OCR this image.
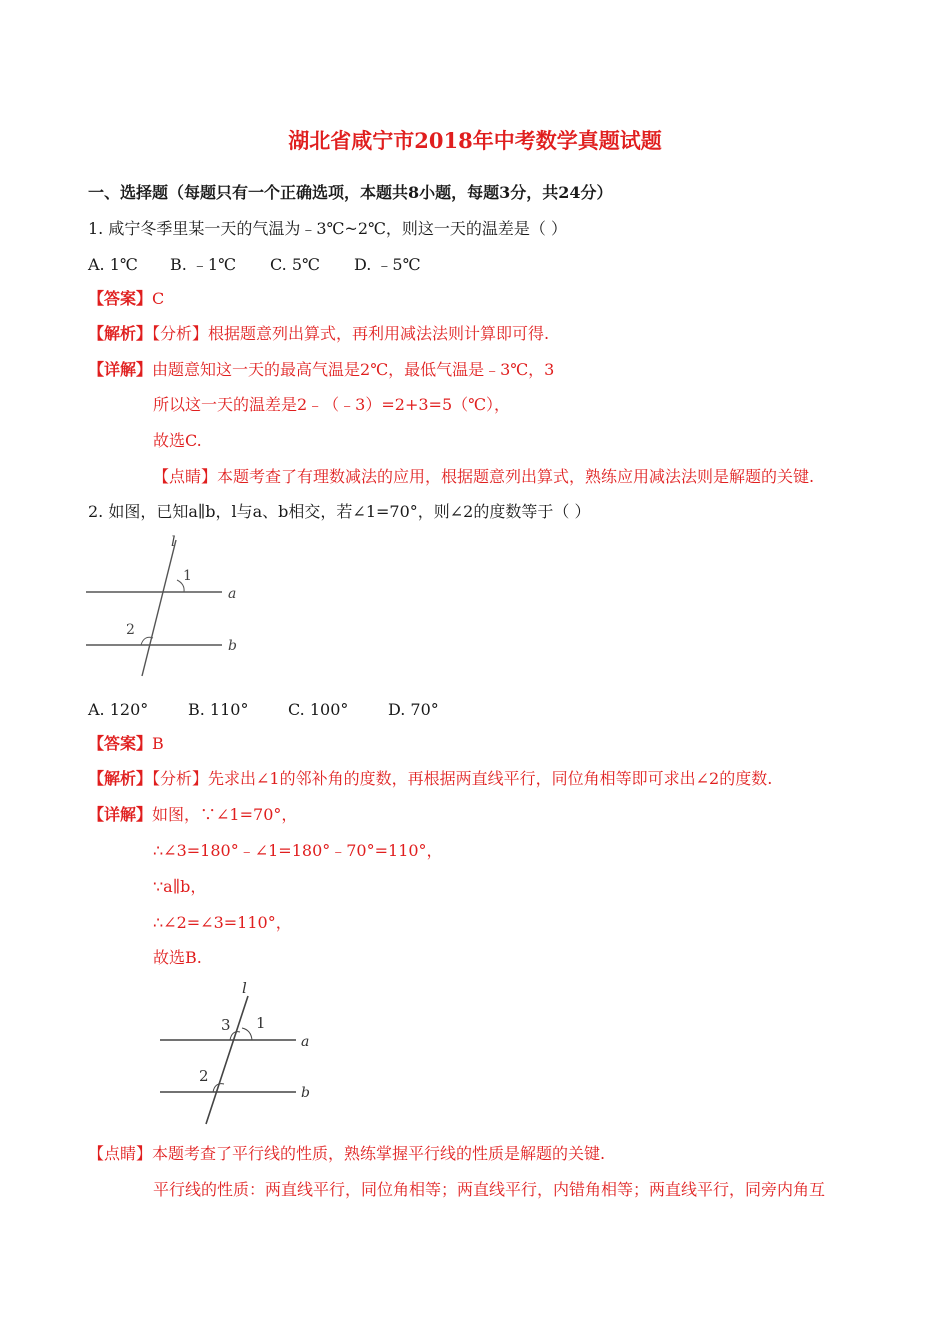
湖北省咸宁市2018年中考数学真题试题
一、选择题（每题只有一个正确选项，本题共8小题，每题3分，共24分）
1. 咸宁冬季里某一天的气温为﹣3℃~2℃，则这一天的温差是（ ）
A. 1℃ B. ﹣1℃ C. 5℃ D. ﹣5℃
【答案】C
【解析】【分析】根据题意列出算式，再利用减法法则计算即可得.
【详解】由题意知这一天的最高气温是2℃，最低气温是﹣3℃，3
所以这一天的温差是2﹣（﹣3）=2+3=5（℃），
故选C.
【点睛】本题考查了有理数减法的应用，根据题意列出算式，熟练应用减法法则是解题的关键.
2. 如图，已知a∥b，l与a、b相交，若∠1=70°，则∠2的度数等于（ ）
l
1
2
a
b
A. 120° B. 110° C. 100° D. 70°
【答案】B
【解析】【分析】先求出∠1的邻补角的度数，再根据两直线平行，同位角相等即可求出∠2的度数.
【详解】如图，∵∠1=70°，
∴∠3=180°﹣∠1=180°﹣70°=110°，
∵a∥b，
∴∠2=∠3=110°，
故选B.
l
3 1
2
a
b
【点睛】本题考查了平行线的性质，熟练掌握平行线的性质是解题的关键.
平行线的性质：两直线平行，同位角相等；两直线平行，内错角相等；两直线平行，同旁内角互
